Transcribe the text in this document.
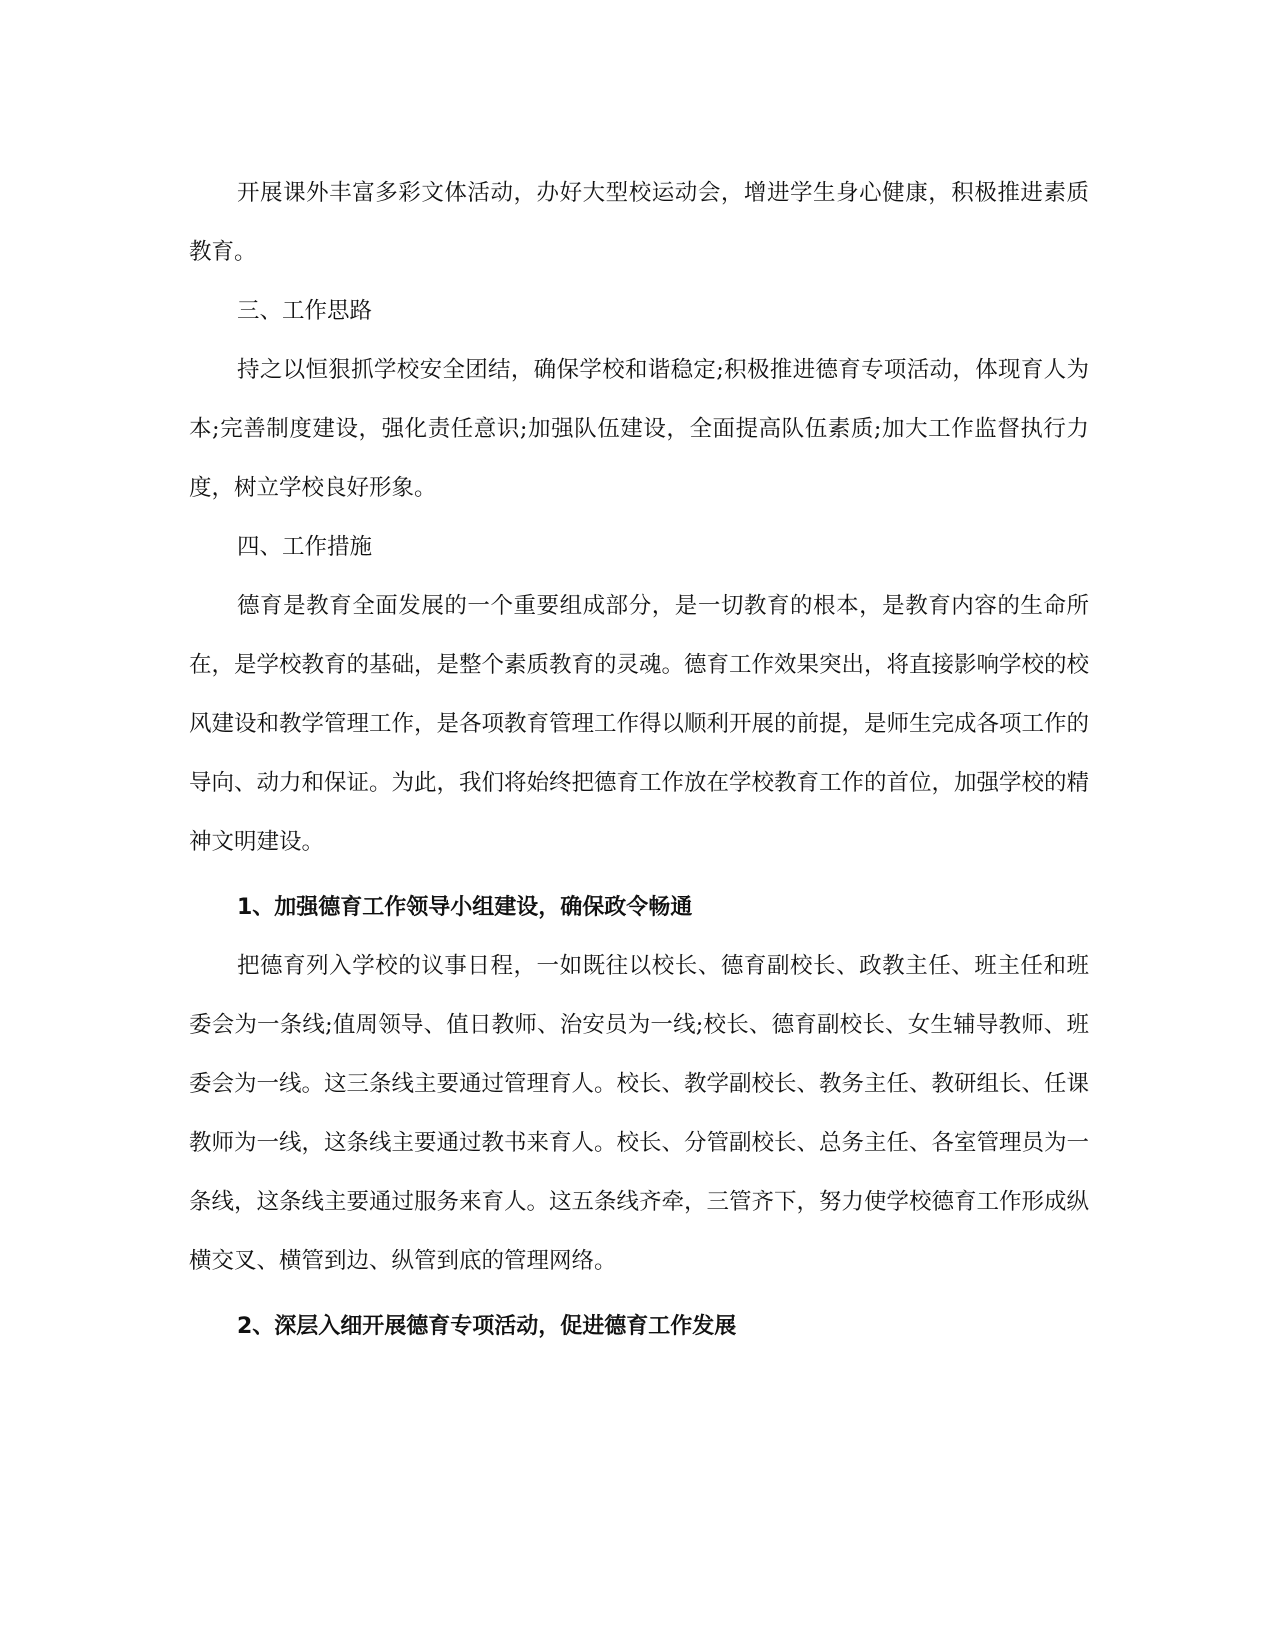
开展课外丰富多彩文体活动，办好大型校运动会，增进学生身心健康，积极推进素质教育。

三、工作思路

持之以恒狠抓学校安全团结，确保学校和谐稳定;积极推进德育专项活动，体现育人为本;完善制度建设，强化责任意识;加强队伍建设，全面提高队伍素质;加大工作监督执行力度，树立学校良好形象。

四、工作措施

德育是教育全面发展的一个重要组成部分，是一切教育的根本，是教育内容的生命所在，是学校教育的基础，是整个素质教育的灵魂。德育工作效果突出，将直接影响学校的校风建设和教学管理工作，是各项教育管理工作得以顺利开展的前提，是师生完成各项工作的导向、动力和保证。为此，我们将始终把德育工作放在学校教育工作的首位，加强学校的精神文明建设。

1、加强德育工作领导小组建设，确保政令畅通

把德育列入学校的议事日程，一如既往以校长、德育副校长、政教主任、班主任和班委会为一条线;值周领导、值日教师、治安员为一线;校长、德育副校长、女生辅导教师、班委会为一线。这三条线主要通过管理育人。校长、教学副校长、教务主任、教研组长、任课教师为一线，这条线主要通过教书来育人。校长、分管副校长、总务主任、各室管理员为一条线，这条线主要通过服务来育人。这五条线齐牵，三管齐下，努力使学校德育工作形成纵横交叉、横管到边、纵管到底的管理网络。

2、深层入细开展德育专项活动，促进德育工作发展
